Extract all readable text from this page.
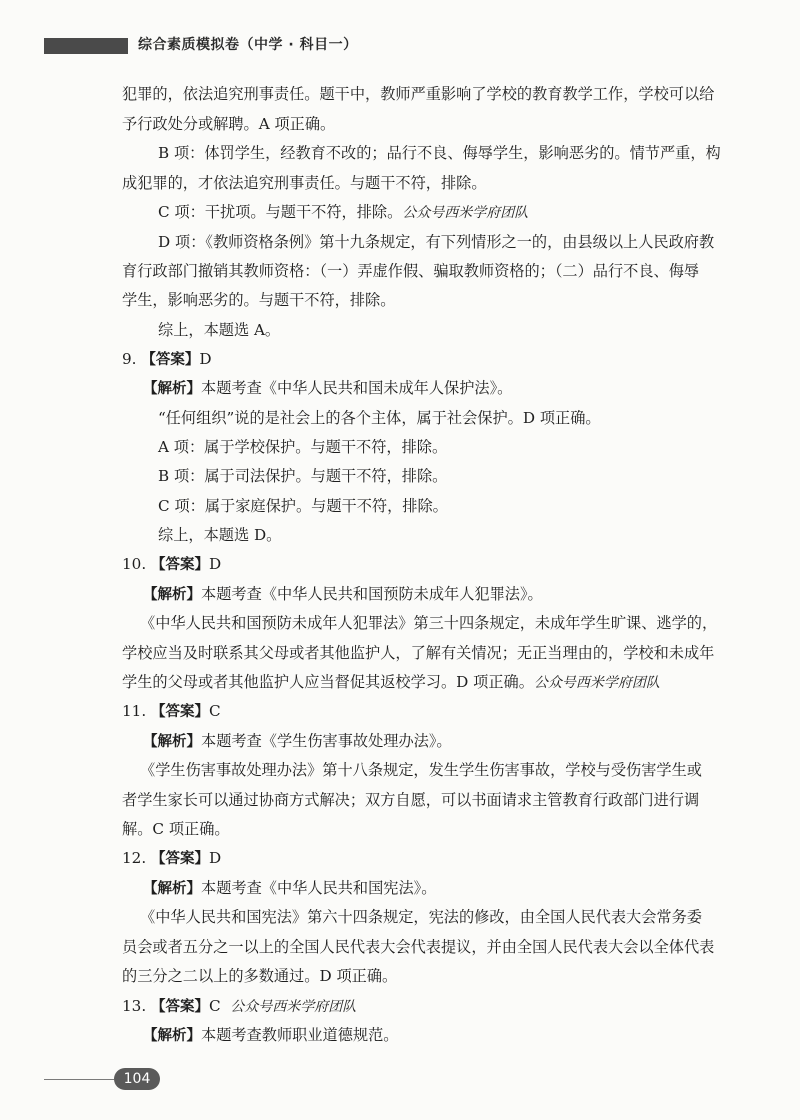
综合素质模拟卷（中学 · 科目一）
犯罪的，依法追究刑事责任。题干中，教师严重影响了学校的教育教学工作，学校可以给
予行政处分或解聘。A 项正确。
B 项：体罚学生，经教育不改的；品行不良、侮辱学生，影响恶劣的。情节严重，构
成犯罪的，才依法追究刑事责任。与题干不符，排除。
C 项：干扰项。与题干不符，排除。公众号西米学府团队
D 项：《教师资格条例》第十九条规定，有下列情形之一的，由县级以上人民政府教
育行政部门撤销其教师资格：（一）弄虚作假、骗取教师资格的；（二）品行不良、侮辱
学生，影响恶劣的。与题干不符，排除。
综上，本题选 A。
9. 【答案】D
【解析】本题考查《中华人民共和国未成年人保护法》。
“任何组织”说的是社会上的各个主体，属于社会保护。D 项正确。
A 项：属于学校保护。与题干不符，排除。
B 项：属于司法保护。与题干不符，排除。
C 项：属于家庭保护。与题干不符，排除。
综上，本题选 D。
10. 【答案】D
【解析】本题考查《中华人民共和国预防未成年人犯罪法》。
《中华人民共和国预防未成年人犯罪法》第三十四条规定，未成年学生旷课、逃学的，
学校应当及时联系其父母或者其他监护人，了解有关情况；无正当理由的，学校和未成年
学生的父母或者其他监护人应当督促其返校学习。D 项正确。公众号西米学府团队
11. 【答案】C
【解析】本题考查《学生伤害事故处理办法》。
《学生伤害事故处理办法》第十八条规定，发生学生伤害事故，学校与受伤害学生或
者学生家长可以通过协商方式解决；双方自愿，可以书面请求主管教育行政部门进行调
解。C 项正确。
12. 【答案】D
【解析】本题考查《中华人民共和国宪法》。
《中华人民共和国宪法》第六十四条规定，宪法的修改，由全国人民代表大会常务委
员会或者五分之一以上的全国人民代表大会代表提议，并由全国人民代表大会以全体代表
的三分之二以上的多数通过。D 项正确。
13. 【答案】C 公众号西米学府团队
【解析】本题考查教师职业道德规范。
104
